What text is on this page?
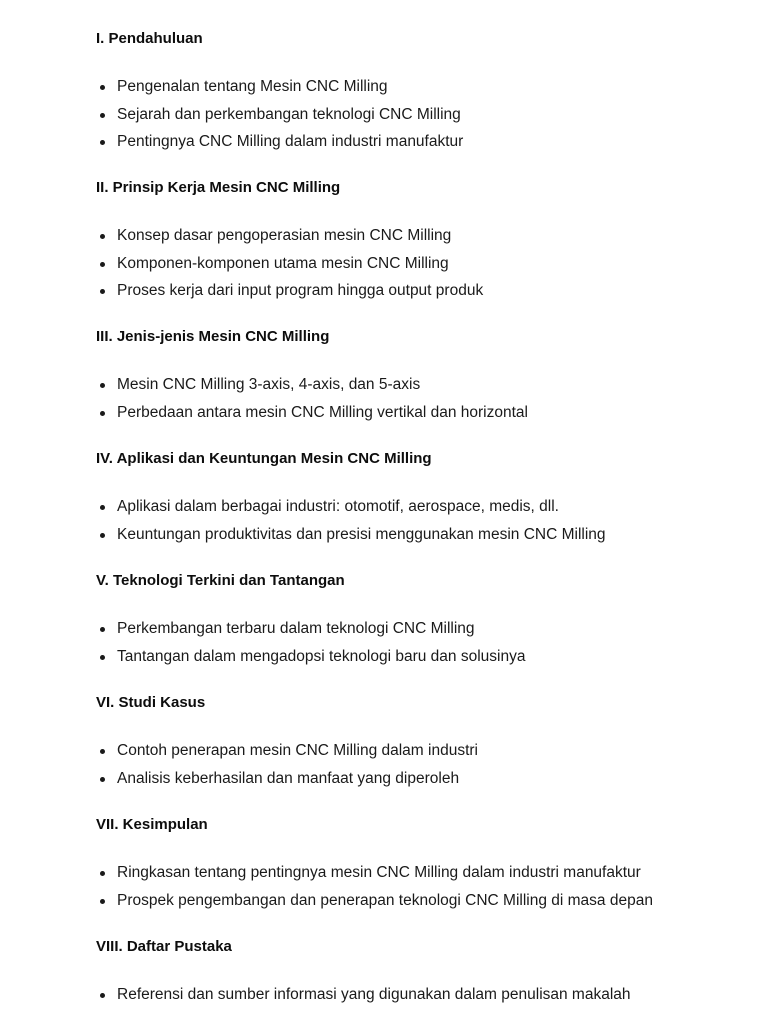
I. Pendahuluan
Pengenalan tentang Mesin CNC Milling
Sejarah dan perkembangan teknologi CNC Milling
Pentingnya CNC Milling dalam industri manufaktur
II. Prinsip Kerja Mesin CNC Milling
Konsep dasar pengoperasian mesin CNC Milling
Komponen-komponen utama mesin CNC Milling
Proses kerja dari input program hingga output produk
III. Jenis-jenis Mesin CNC Milling
Mesin CNC Milling 3-axis, 4-axis, dan 5-axis
Perbedaan antara mesin CNC Milling vertikal dan horizontal
IV. Aplikasi dan Keuntungan Mesin CNC Milling
Aplikasi dalam berbagai industri: otomotif, aerospace, medis, dll.
Keuntungan produktivitas dan presisi menggunakan mesin CNC Milling
V. Teknologi Terkini dan Tantangan
Perkembangan terbaru dalam teknologi CNC Milling
Tantangan dalam mengadopsi teknologi baru dan solusinya
VI. Studi Kasus
Contoh penerapan mesin CNC Milling dalam industri
Analisis keberhasilan dan manfaat yang diperoleh
VII. Kesimpulan
Ringkasan tentang pentingnya mesin CNC Milling dalam industri manufaktur
Prospek pengembangan dan penerapan teknologi CNC Milling di masa depan
VIII. Daftar Pustaka
Referensi dan sumber informasi yang digunakan dalam penulisan makalah
